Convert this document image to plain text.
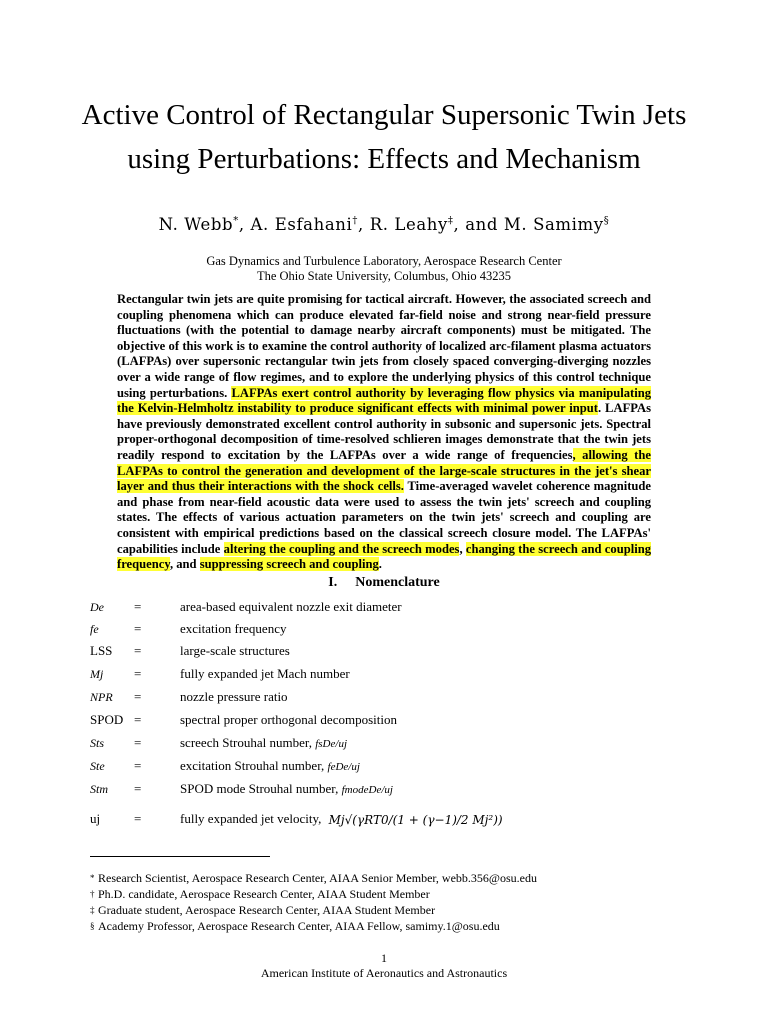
Active Control of Rectangular Supersonic Twin Jets using Perturbations: Effects and Mechanism
N. Webb*, A. Esfahani†, R. Leahy‡, and M. Samimy§
Gas Dynamics and Turbulence Laboratory, Aerospace Research Center
The Ohio State University, Columbus, Ohio 43235

Rectangular twin jets are quite promising for tactical aircraft. However, the associated screech and coupling phenomena which can produce elevated far-field noise and strong near-field pressure fluctuations (with the potential to damage nearby aircraft components) must be mitigated. The objective of this work is to examine the control authority of localized arc-filament plasma actuators (LAFPAs) over supersonic rectangular twin jets from closely spaced converging-diverging nozzles over a wide range of flow regimes, and to explore the underlying physics of this control technique using perturbations. LAFPAs exert control authority by leveraging flow physics via manipulating the Kelvin-Helmholtz instability to produce significant effects with minimal power input. LAFPAs have previously demonstrated excellent control authority in subsonic and supersonic jets. Spectral proper-orthogonal decomposition of time-resolved schlieren images demonstrate that the twin jets readily respond to excitation by the LAFPAs over a wide range of frequencies, allowing the LAFPAs to control the generation and development of the large-scale structures in the jet's shear layer and thus their interactions with the shock cells. Time-averaged wavelet coherence magnitude and phase from near-field acoustic data were used to assess the twin jets' screech and coupling states. The effects of various actuation parameters on the twin jets' screech and coupling are consistent with empirical predictions based on the classical screech closure model. The LAFPAs' capabilities include altering the coupling and the screech modes, changing the screech and coupling frequency, and suppressing screech and coupling.

I. Nomenclature
De	=	area-based equivalent nozzle exit diameter
fe	=	excitation frequency
LSS	=	large-scale structures
Mj	=	fully expanded jet Mach number
NPR	=	nozzle pressure ratio
SPOD =	spectral proper orthogonal decomposition
Sts	=	screech Strouhal number, fsDe/uj
Ste	=	excitation Strouhal number, feDe/uj
Stm	=	SPOD mode Strouhal number, fmodeDe/uj
uj	=	fully expanded jet velocity, Mj√(γRT0/(1 + (γ−1)/2 Mj²))
* Research Scientist, Aerospace Research Center, AIAA Senior Member, webb.356@osu.edu
† Ph.D. candidate, Aerospace Research Center, AIAA Student Member
‡ Graduate student, Aerospace Research Center, AIAA Student Member
§ Academy Professor, Aerospace Research Center, AIAA Fellow, samimy.1@osu.edu
1
American Institute of Aeronautics and Astronautics
